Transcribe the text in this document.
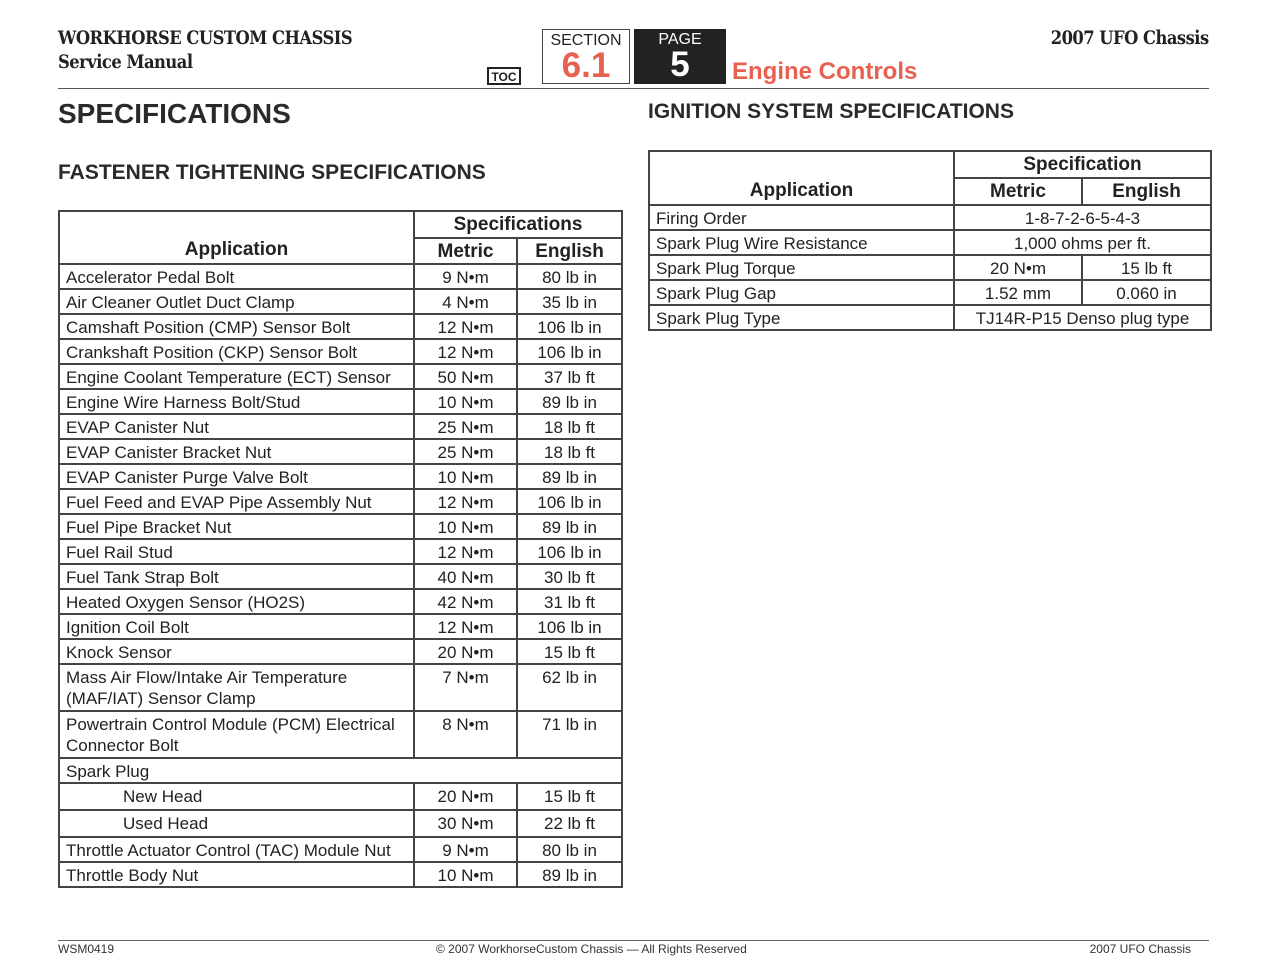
WORKHORSE CUSTOM CHASSIS
Service Manual
2007 UFO Chassis
TOC
SECTION
6.1
PAGE
5	Engine Controls
SPECIFICATIONS
FASTENER TIGHTENING SPECIFICATIONS
Application	Specifications	
	Metric	English
Accelerator Pedal Bolt	9 N•m	80 lb in
Air Cleaner Outlet Duct Clamp	4 N•m	35 lb in
Camshaft Position (CMP) Sensor Bolt	12 N•m	106 lb in
Crankshaft Position (CKP) Sensor Bolt	12 N•m	106 lb in
Engine Coolant Temperature (ECT) Sensor	50 N•m	37 lb ft
Engine Wire Harness Bolt/Stud	10 N•m	89 lb in
EVAP Canister Nut	25 N•m	18 lb ft
EVAP Canister Bracket Nut	25 N•m	18 lb ft
EVAP Canister Purge Valve Bolt	10 N•m	89 lb in
Fuel Feed and EVAP Pipe Assembly Nut	12 N•m	106 lb in
Fuel Pipe Bracket Nut	10 N•m	89 lb in
Fuel Rail Stud	12 N•m	106 lb in
Fuel Tank Strap Bolt	40 N•m	30 lb ft
Heated Oxygen Sensor (HO2S)	42 N•m	31 lb ft
Ignition Coil Bolt	12 N•m	106 lb in
Knock Sensor	20 N•m	15 lb ft
Mass Air Flow/Intake Air Temperature (MAF/IAT) Sensor Clamp	7 N•m	62 lb in
Powertrain Control Module (PCM) Electrical Connector Bolt	8 N•m	71 lb in
Spark Plug		
New Head	20 N•m	15 lb ft
Used Head	30 N•m	22 lb ft
Throttle Actuator Control (TAC) Module Nut	9 N•m	80 lb in
Throttle Body Nut	10 N•m	89 lb in
IGNITION SYSTEM SPECIFICATIONS
Application	Specification	
	Metric	English
Firing Order	1-8-7-2-6-5-4-3	
Spark Plug Wire Resistance	1,000 ohms per ft.	
Spark Plug Torque	20 N•m	15 lb ft
Spark Plug Gap	1.52 mm	0.060 in
Spark Plug Type	TJ14R-P15 Denso plug type	
WSM0419	© 2007 WorkhorseCustom Chassis — All Rights Reserved	2007 UFO Chassis
